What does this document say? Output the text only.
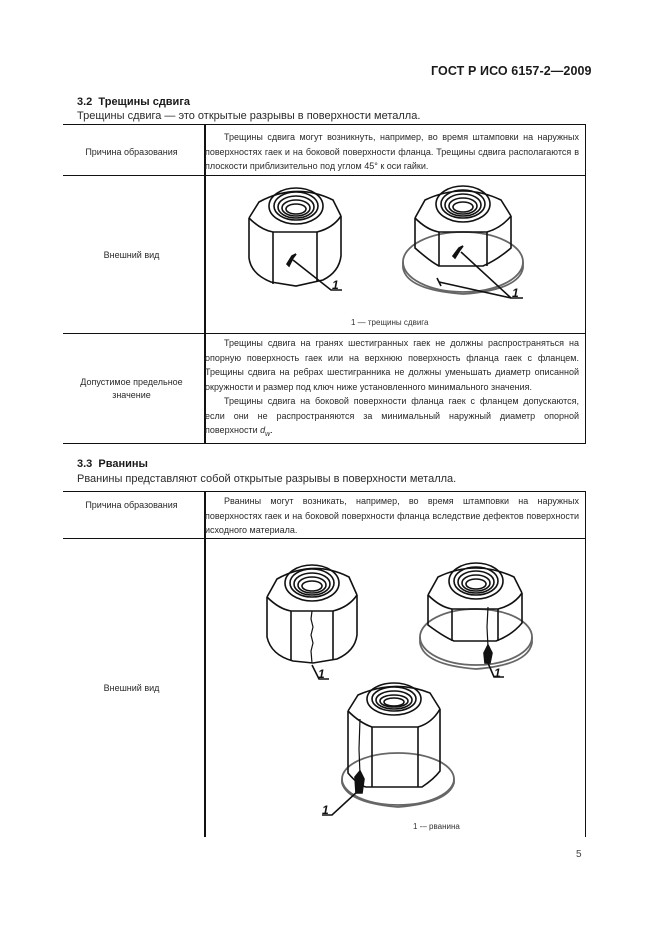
ГОСТ Р ИСО 6157-2—2009
3.2 Трещины сдвига
Трещины сдвига — это открытые разрывы в поверхности металла.
Причина образования

Трещины сдвига могут возникнуть, например, во время штамповки на наружных поверхностях гаек и на боковой поверхности фланца. Трещины сдвига располагаются в плоскости приблизительно под углом 45° к оси гайки.

Внешний вид
1
1
1 — трещины сдвига
Допустимое предельное значение

Трещины сдвига на гранях шестигранных гаек не должны распространяться на опорную поверхность гаек или на верхнюю поверхность фланца гаек с фланцем. Трещины сдвига на ребрах шестигранника не должны уменьшать диаметр описанной окружности и размер под ключ ниже установленного минимального значения.

Трещины сдвига на боковой поверхности фланца гаек с фланцем допускаются, если они не распространяются за минимальный наружный диаметр опорной поверхности $d_w$.

3.3 Рванины
Рванины представляют собой открытые разрывы в поверхности металла.
Причина образования	Рванины могут возникать, например, во время штамповки на наружных поверхностях гаек и на боковой поверхности фланца вследствие дефектов поверхности исходного материала.

Внешний вид
1	1
1
1 -– рванина
5
